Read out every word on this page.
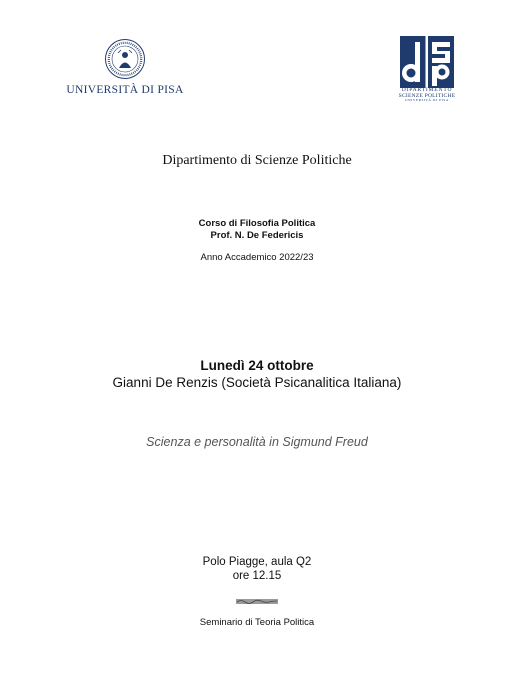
UNIVERSITÀ DI PISA	DIPARTIMENTO
SCIENZE POLITICHE
UNIVERSITÀ DI PISA
Dipartimento di Scienze Politiche
Corso di Filosofia Politica
Prof. N. De Federicis
Anno Accademico 2022/23
Lunedì 24 ottobre
Gianni De Renzis (Società Psicanalitica Italiana)
Scienza e personalità in Sigmund Freud
Polo Piagge, aula Q2
ore 12.15
Seminario di Teoria Politica
